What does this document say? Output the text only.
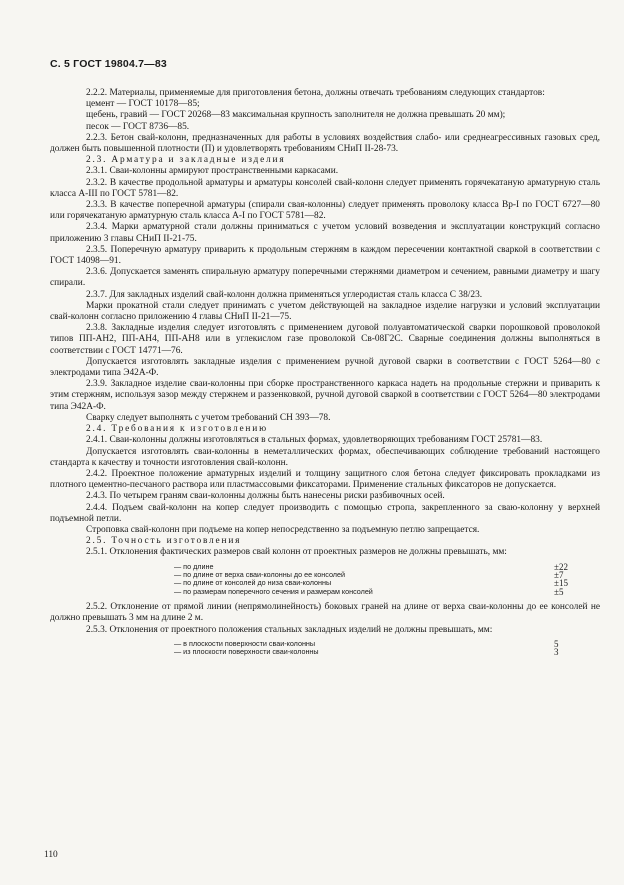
С. 5 ГОСТ 19804.7—83

2.2.2. Материалы, применяемые для приготовления бетона, должны отвечать требованиям следующих стандартов:

цемент — ГОСТ 10178—85;

щебень, гравий — ГОСТ 20268—83 максимальная крупность заполнителя не должна превышать 20 мм);

песок — ГОСТ 8736—85.

2.2.3. Бетон свай-колонн, предназначенных для работы в условиях воздействия слабо- или среднеагрессивных газовых сред, должен быть повышенной плотности (П) и удовлетворять требованиям СНиП II-28-73.

2.3. Арматура и закладные изделия

2.3.1. Сваи-колонны армируют пространственными каркасами.

2.3.2. В качестве продольной арматуры и арматуры консолей свай-колонн следует применять горячекатаную арматурную сталь класса А-III по ГОСТ 5781—82.

2.3.3. В качестве поперечной арматуры (спирали свая-колонны) следует применять проволоку класса Вр-I по ГОСТ 6727—80 или горячекатаную арматурную сталь класса А-I по ГОСТ 5781—82.

2.3.4. Марки арматурной стали должны приниматься с учетом условий возведения и эксплуатации конструкций согласно приложению 3 главы СНиП II-21-75.

2.3.5. Поперечную арматуру приварить к продольным стержням в каждом пересечении контактной сваркой в соответствии с ГОСТ 14098—91.

2.3.6. Допускается заменять спиральную арматуру поперечными стержнями диаметром и сечением, равными диаметру и шагу спирали.

2.3.7. Для закладных изделий свай-колонн должна применяться углеродистая сталь класса С 38/23.

Марки прокатной стали следует принимать с учетом действующей на закладное изделие нагрузки и условий эксплуатации свай-колонн согласно приложению 4 главы СНиП II-21—75.

2.3.8. Закладные изделия следует изготовлять с применением дуговой полуавтоматической сварки порошковой проволокой типов ПП-АН2, ПП-АН4, ПП-АН8 или в углекислом газе проволокой Св-08Г2С. Сварные соединения должны выполняться в соответствии с ГОСТ 14771—76.

Допускается изготовлять закладные изделия с применением ручной дуговой сварки в соответствии с ГОСТ 5264—80 с электродами типа Э42А-Ф.

2.3.9. Закладное изделие сваи-колонны при сборке пространственного каркаса надеть на продольные стержни и приварить к этим стержням, используя зазор между стержнем и раззенковкой, ручной дуговой сваркой в соответствии с ГОСТ 5264—80 электродами типа Э42А-Ф.

Сварку следует выполнять с учетом требований СН 393—78.

2.4. Требования к изготовлению

2.4.1. Сваи-колонны должны изготовляться в стальных формах, удовлетворяющих требованиям ГОСТ 25781—83.

Допускается изготовлять сваи-колонны в неметаллических формах, обеспечивающих соблюдение требований настоящего стандарта к качеству и точности изготовления свай-колонн.

2.4.2. Проектное положение арматурных изделий и толщину защитного слоя бетона следует фиксировать прокладками из плотного цементно-песчаного раствора или пластмассовыми фиксаторами. Применение стальных фиксаторов не допускается.

2.4.3. По четырем граням сваи-колонны должны быть нанесены риски разбивочных осей.

2.4.4. Подъем свай-колонн на копер следует производить с помощью стропа, закрепленного за сваю-колонну у верхней подъемной петли.

Строповка свай-колонн при подъеме на копер непосредственно за подъемную петлю запрещается.

2.5. Точность изготовления

2.5.1. Отклонения фактических размеров свай колонн от проектных размеров не должны превышать, мм:

— по длине	±22
— по длине от верха сваи-колонны до ее консолей	±7
— по длине от консолей до низа сваи-колонны	±15
— по размерам поперечного сечения и размерам консолей	±5

2.5.2. Отклонение от прямой линии (непрямолинейность) боковых граней на длине от верха сваи-колонны до ее консолей не должно превышать 3 мм на длине 2 м.

2.5.3. Отклонения от проектного положения стальных закладных изделий не должны превышать, мм:

— в плоскости поверхности сваи-колонны	5
— из плоскости поверхности сваи-колонны	3
110
